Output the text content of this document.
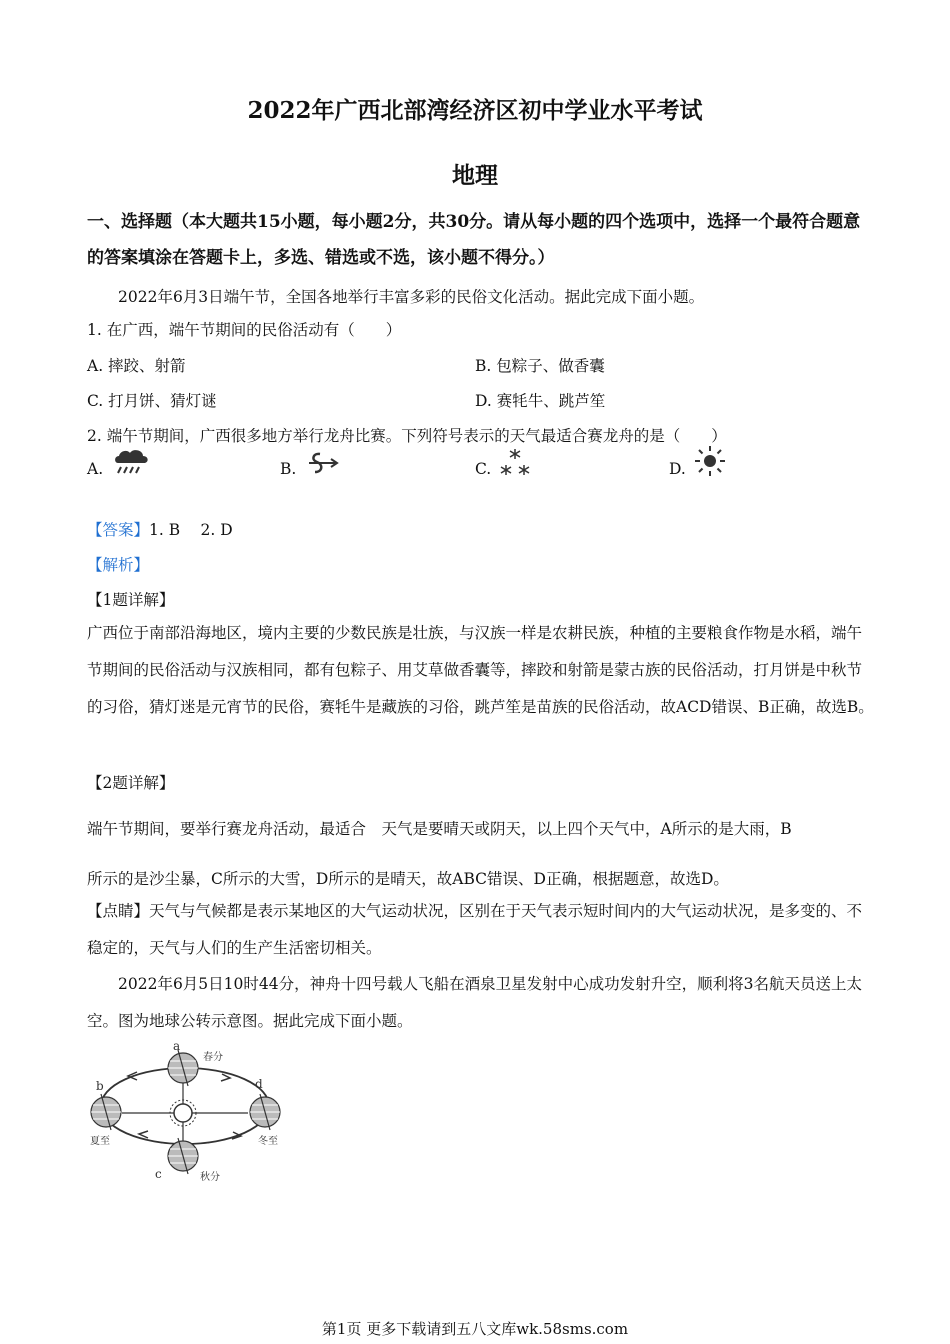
2022年广西北部湾经济区初中学业水平考试
地理
一、选择题（本大题共15小题，每小题2分，共30分。请从每小题的四个选项中，选择一个最符合题意的答案填涂在答题卡上，多选、错选或不选，该小题不得分。）
2022年6月3日端午节，全国各地举行丰富多彩的民俗文化活动。据此完成下面小题。
1. 在广西，端午节期间的民俗活动有（　　）
A. 摔跤、射箭	B. 包粽子、做香囊
C. 打月饼、猜灯谜	D. 赛牦牛、跳芦笙
2. 端午节期间，广西很多地方举行龙舟比赛。下列符号表示的天气最适合赛龙舟的是（　　）
A.	B.	C.	D.
【答案】1. B　 2. D
【解析】
【1题详解】
广西位于南部沿海地区，境内主要的少数民族是壮族，与汉族一样是农耕民族，种植的主要粮食作物是水稻，端午节期间的民俗活动与汉族相同，都有包粽子、用艾草做香囊等，摔跤和射箭是蒙古族的民俗活动，打月饼是中秋节的习俗，猜灯迷是元宵节的民俗，赛牦牛是藏族的习俗，跳芦笙是苗族的民俗活动，故ACD错误、B正确，故选B。
【2题详解】
端午节期间，要举行赛龙舟活动，最适合　天气是要晴天或阴天，以上四个天气中，A所示的是大雨，B
所示的是沙尘暴，C所示的大雪，D所示的是晴天，故ABC错误、D正确，根据题意，故选D。
【点睛】天气与气候都是表示某地区的大气运动状况，区别在于天气表示短时间内的大气运动状况，是多变的、不稳定的，天气与人们的生产生活密切相关。
2022年6月5日10时44分，神舟十四号载人飞船在酒泉卫星发射中心成功发射升空，顺利将3名航天员送上太空。图为地球公转示意图。据此完成下面小题。
a
春分
b
夏至
c	秋分
d
冬至
第1页 更多下载请到五八文库wk.58sms.com
